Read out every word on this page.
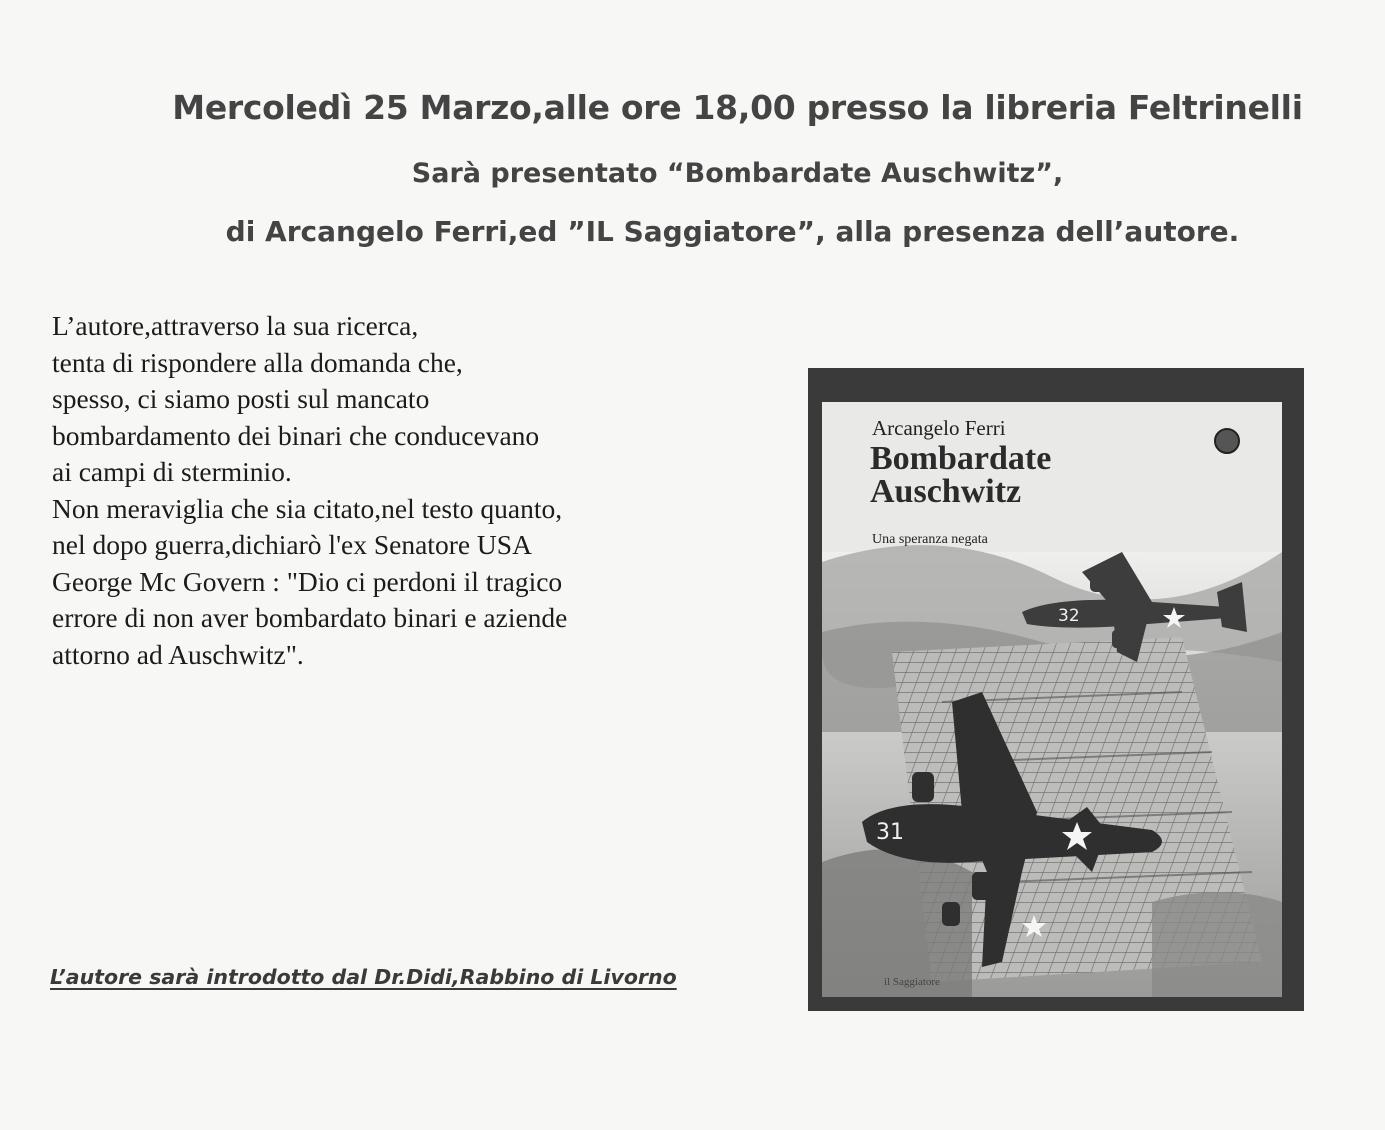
Mercoledì 25 Marzo,alle ore 18,00 presso la libreria Feltrinelli
Sarà presentato “Bombardate Auschwitz”,
di Arcangelo Ferri,ed ”IL Saggiatore”, alla presenza dell’autore.
L’autore,attraverso la sua ricerca,
tenta di rispondere alla domanda che,
spesso, ci siamo posti sul mancato
bombardamento dei binari che conducevano
ai campi di sterminio.
Non meraviglia che sia citato,nel testo quanto,
nel dopo guerra,dichiarò l'ex Senatore USA
George Mc Govern : "Dio ci perdoni il tragico
errore di non aver bombardato binari e aziende
attorno ad Auschwitz".
Arcangelo Ferri
Bombardate
Auschwitz
Una speranza negata
32
31
il Saggiatore
L’autore sarà introdotto dal Dr.Didi,Rabbino di Livorno
